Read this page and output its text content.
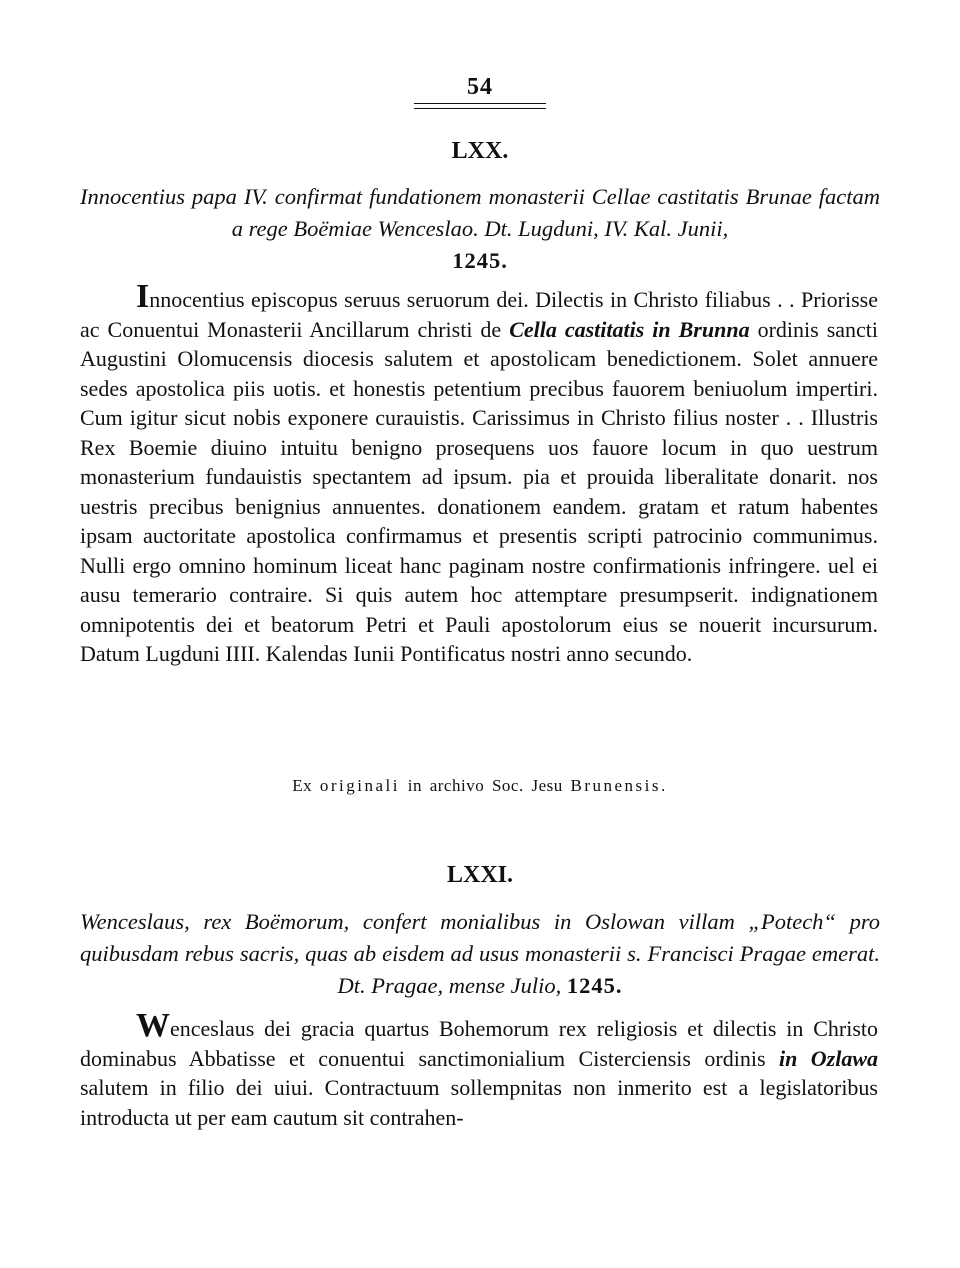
54
LXX.
Innocentius papa IV. confirmat fundationem monasterii Cellae castitatis Brunae factam a rege Boëmiae Wenceslao. Dt. Lugduni, IV. Kal. Junii,
1245.
Innocentius episcopus seruus seruorum dei. Dilectis in Christo filiabus . . Priorisse ac Conuentui Monasterii Ancillarum christi de Cella castitatis in Brunna ordinis sancti Augustini Olomucensis diocesis salutem et apostolicam benedictionem. Solet annuere sedes apostolica piis uotis. et honestis petentium precibus fauorem beniuolum impertiri. Cum igitur sicut nobis exponere curauistis. Carissimus in Christo filius noster . . Illustris Rex Boemie diuino intuitu benigno prosequens uos fauore locum in quo uestrum monasterium fundauistis spectantem ad ipsum. pia et prouida liberalitate donarit. nos uestris precibus benignius annuentes. donationem eandem. gratam et ratum habentes ipsam auctoritate apostolica confirmamus et presentis scripti patrocinio communimus. Nulli ergo omnino hominum liceat hanc paginam nostre confirmationis infringere. uel ei ausu temerario contraire. Si quis autem hoc attemptare presumpserit. indignationem omnipotentis dei et beatorum Petri et Pauli apostolorum eius se nouerit incursurum. Datum Lugduni IIII. Kalendas Iunii Pontificatus nostri anno secundo.
Ex originali in archivo Soc. Jesu Brunensis.
LXXI.
Wenceslaus, rex Boëmorum, confert monialibus in Oslowan villam „Potech“ pro quibusdam rebus sacris, quas ab eisdem ad usus monasterii s. Francisci Pragae emerat. Dt. Pragae, mense Julio, 1245.
Wenceslaus dei gracia quartus Bohemorum rex religiosis et dilectis in Christo dominabus Abbatisse et conuentui sanctimonialium Cisterciensis ordinis in Ozlawa salutem in filio dei uiui. Contractuum sollempnitas non inmerito est a legislatoribus introducta ut per eam cautum sit contrahen-
